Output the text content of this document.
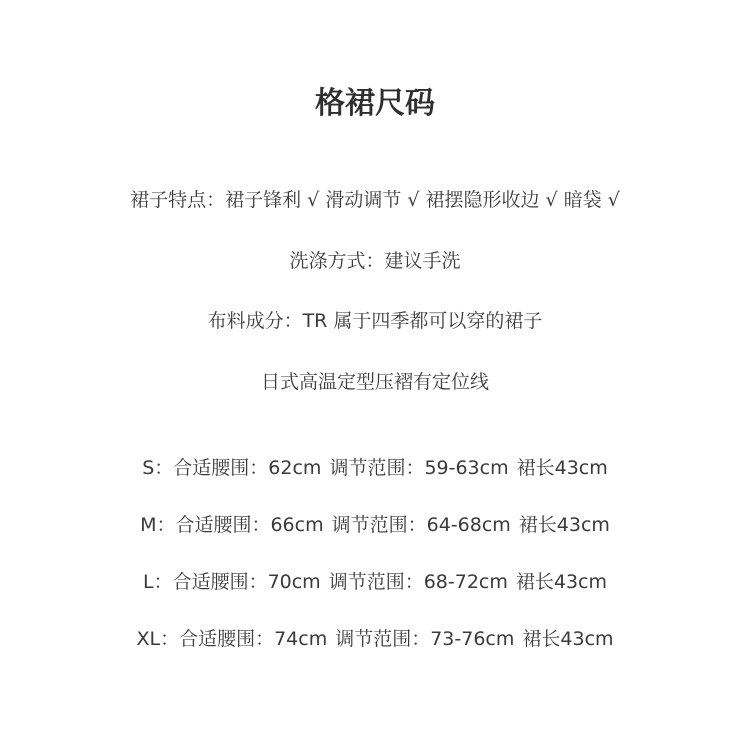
格裙尺码
裙子特点：裙子锋利 √ 滑动调节 √ 裙摆隐形收边 √ 暗袋 √
洗涤方式：建议手洗
布料成分：TR 属于四季都可以穿的裙子
日式高温定型压褶有定位线
S：合适腰围：62cm 调节范围：59-63cm 裙长43cm
M：合适腰围：66cm 调节范围：64-68cm 裙长43cm
L：合适腰围：70cm 调节范围：68-72cm 裙长43cm
XL：合适腰围：74cm 调节范围：73-76cm 裙长43cm
